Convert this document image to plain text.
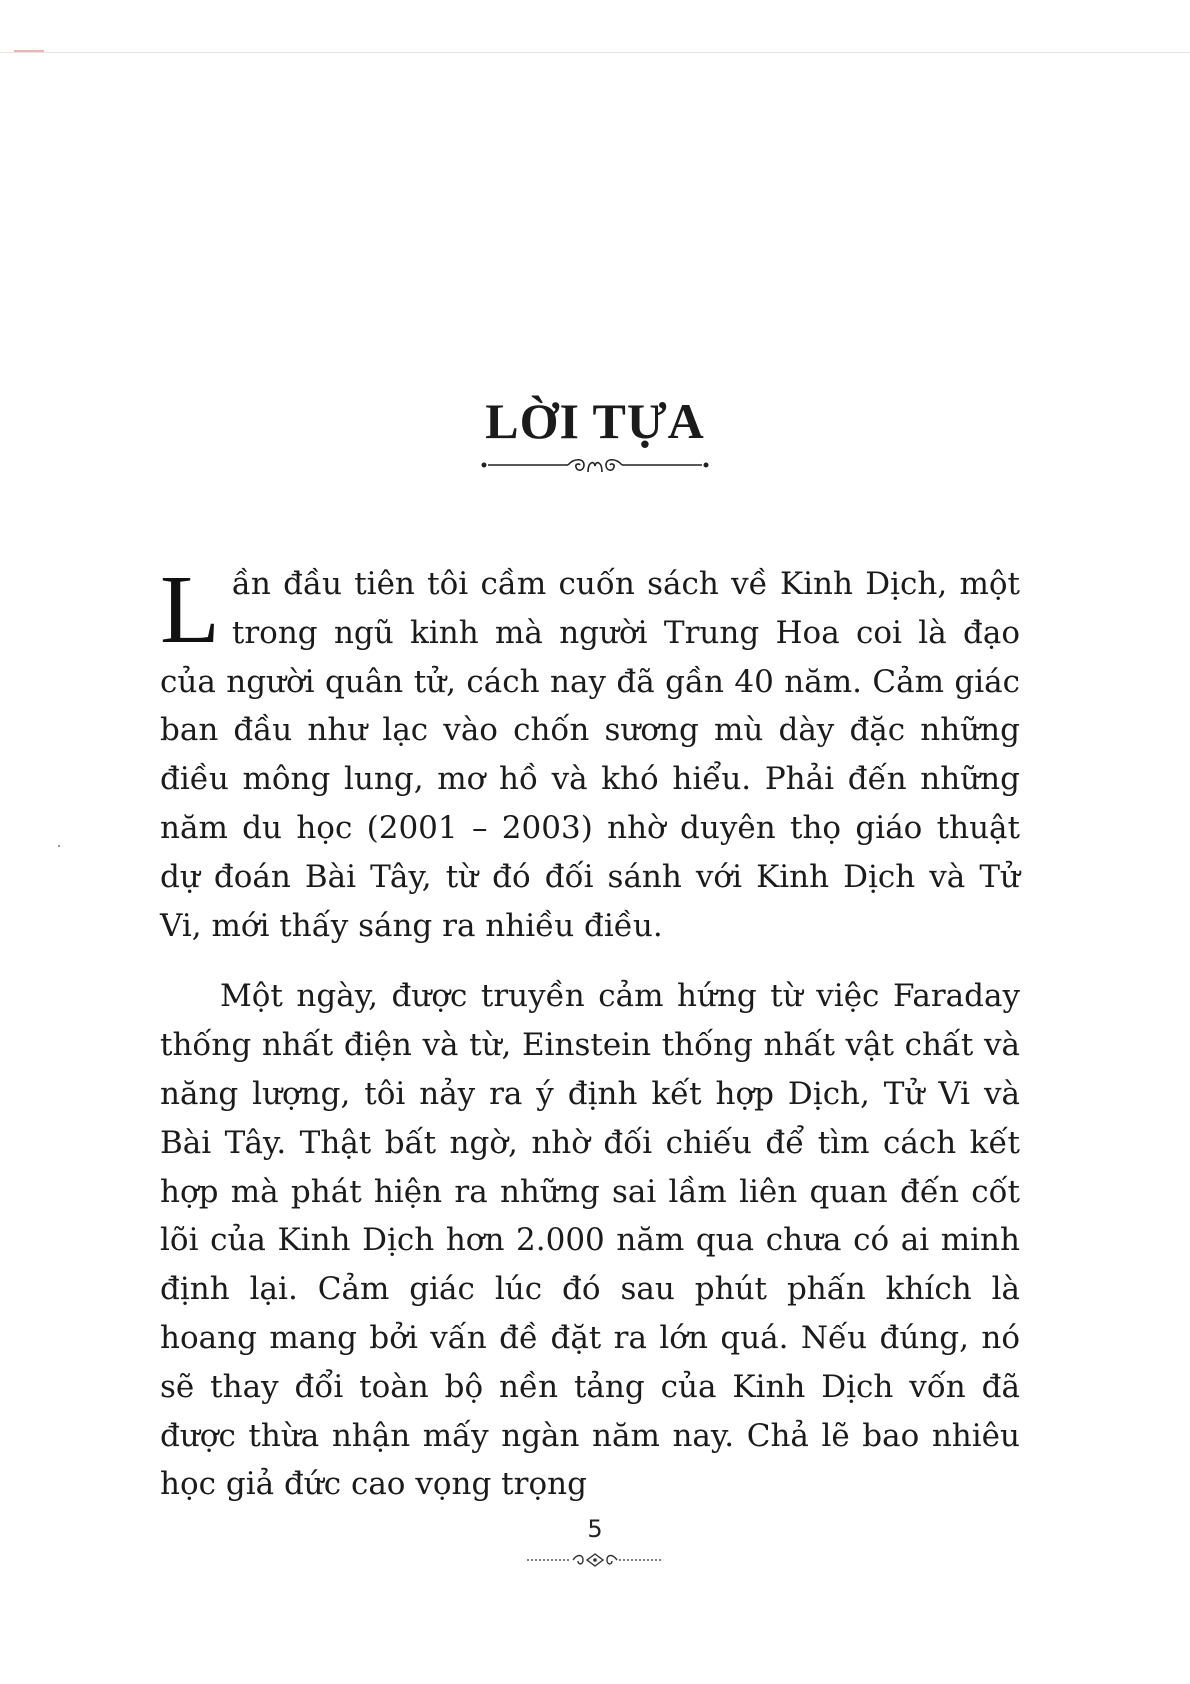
LỜI TỰA

Lần đầu tiên tôi cầm cuốn sách về Kinh Dịch, một trong ngũ kinh mà người Trung Hoa coi là đạo của người quân tử, cách nay đã gần 40 năm. Cảm giác ban đầu như lạc vào chốn sương mù dày đặc những điều mông lung, mơ hồ và khó hiểu. Phải đến những năm du học (2001 – 2003) nhờ duyên thọ giáo thuật dự đoán Bài Tây, từ đó đối sánh với Kinh Dịch và Tử Vi, mới thấy sáng ra nhiều điều.

Một ngày, được truyền cảm hứng từ việc Faraday thống nhất điện và từ, Einstein thống nhất vật chất và năng lượng, tôi nảy ra ý định kết hợp Dịch, Tử Vi và Bài Tây. Thật bất ngờ, nhờ đối chiếu để tìm cách kết hợp mà phát hiện ra những sai lầm liên quan đến cốt lõi của Kinh Dịch hơn 2.000 năm qua chưa có ai minh định lại. Cảm giác lúc đó sau phút phấn khích là hoang mang bởi vấn đề đặt ra lớn quá. Nếu đúng, nó sẽ thay đổi toàn bộ nền tảng của Kinh Dịch vốn đã được thừa nhận mấy ngàn năm nay. Chả lẽ bao nhiêu học giả đức cao vọng trọng

5
